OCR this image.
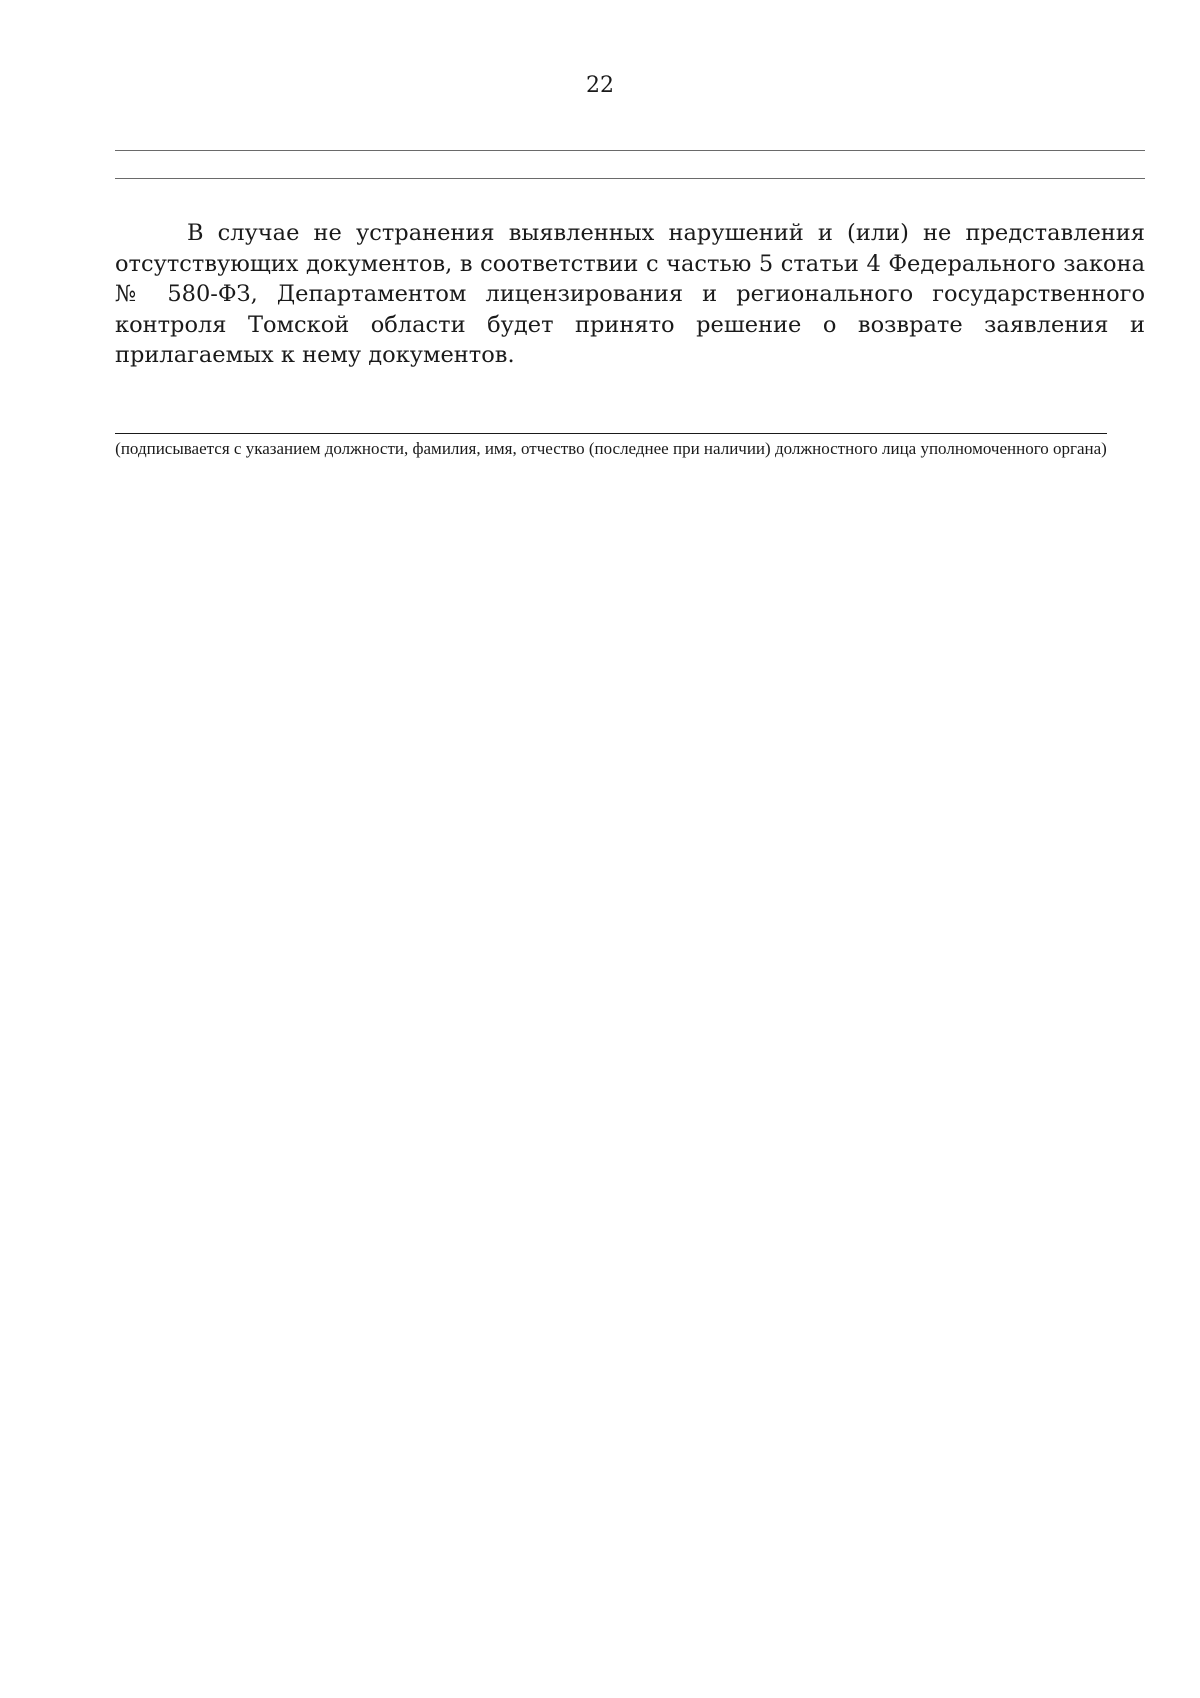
22

В случае не устранения выявленных нарушений и (или) не представления отсутствующих документов, в соответствии с частью 5 статьи 4 Федерального закона № 580-ФЗ, Департаментом лицензирования и регионального государственного контроля Томской области будет принято решение о возврате заявления и прилагаемых к нему документов.

(подписывается с указанием должности, фамилия, имя, отчество (последнее при наличии) должностного лица уполномоченного органа)
